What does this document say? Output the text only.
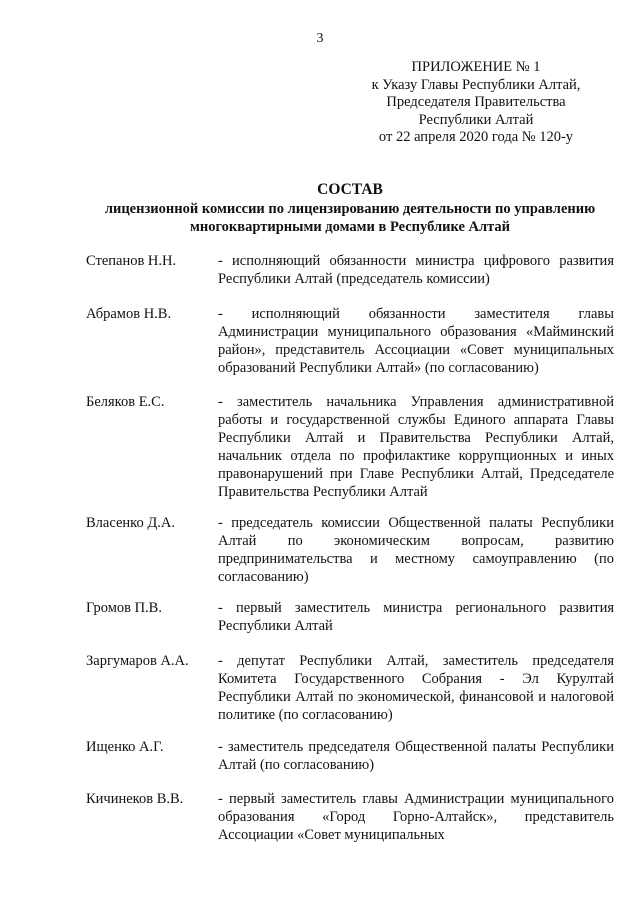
3
ПРИЛОЖЕНИЕ № 1
к Указу Главы Республики Алтай,
Председателя Правительства
Республики Алтай
от 22 апреля 2020 года № 120-у
СОСТАВ
лицензионной комиссии по лицензированию деятельности по управлению многоквартирными домами в Республике Алтай
Степанов Н.Н.	- исполняющий обязанности министра цифрового развития Республики Алтай (председатель комиссии)
Абрамов Н.В.	- исполняющий обязанности заместителя главы Администрации муниципального образования «Майминский район», представитель Ассоциации «Совет муниципальных образований Республики Алтай» (по согласованию)
Беляков Е.С.	- заместитель начальника Управления административной работы и государственной службы Единого аппарата Главы Республики Алтай и Правительства Республики Алтай, начальник отдела по профилактике коррупционных и иных правонарушений при Главе Республики Алтай, Председателе Правительства Республики Алтай
Власенко Д.А.	- председатель комиссии Общественной палаты Республики Алтай по экономическим вопросам, развитию предпринимательства и местному самоуправлению (по согласованию)
Громов П.В.	- первый заместитель министра регионального развития Республики Алтай
Заргумаров А.А.	- депутат Республики Алтай, заместитель председателя Комитета Государственного Собрания - Эл Курултай Республики Алтай по экономической, финансовой и налоговой политике (по согласованию)
Ищенко А.Г.	- заместитель председателя Общественной палаты Республики Алтай (по согласованию)
Кичинеков В.В.	- первый заместитель главы Администрации муниципального образования «Город Горно-Алтайск», представитель Ассоциации «Совет муниципальных
